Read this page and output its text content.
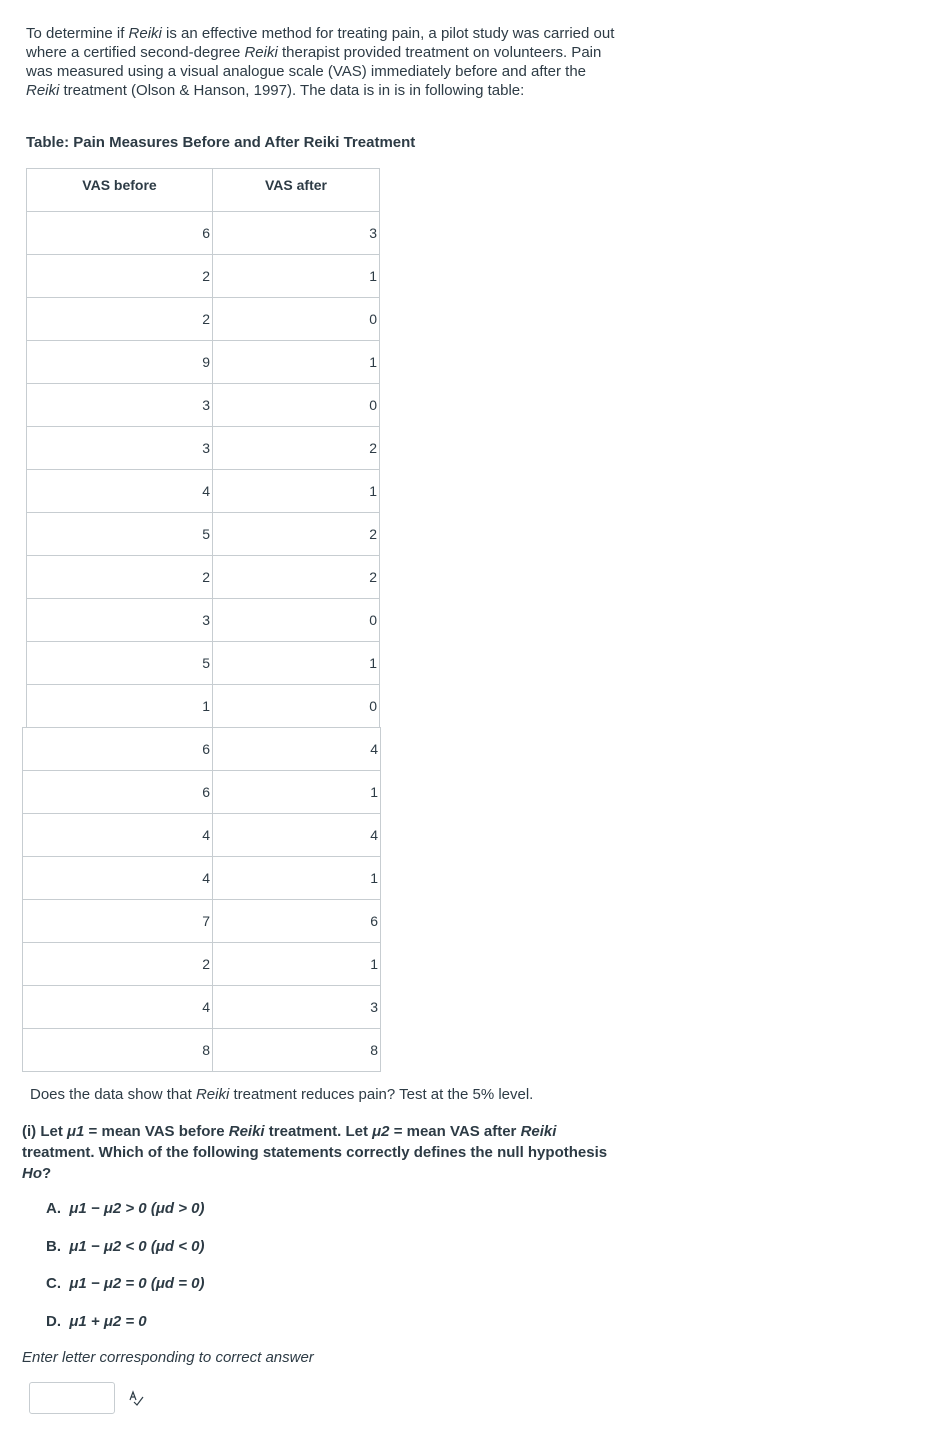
To determine if Reiki is an effective method for treating pain, a pilot study was carried out where a certified second-degree Reiki therapist provided treatment on volunteers. Pain was measured using a visual analogue scale (VAS) immediately before and after the Reiki treatment (Olson & Hanson, 1997). The data is in is in following table:

Table: Pain Measures Before and After Reiki Treatment
VAS before	VAS after
6	3
2	1
2	0
9	1
3	0
3	2
4	1
5	2
2	2
3	0
5	1
1	0
6	4
6	1
4	4
4	1
7	6
2	1
4	3
8	8
Does the data show that Reiki treatment reduces pain? Test at the 5% level.
(i) Let μ1 = mean VAS before Reiki treatment. Let μ2 = mean VAS after Reiki treatment. Which of the following statements correctly defines the null hypothesis Ho?
A. μ1 − μ2 > 0 (μd > 0)
B. μ1 − μ2 < 0 (μd < 0)
C. μ1 − μ2 = 0 (μd = 0)
D. μ1 + μ2 = 0
Enter letter corresponding to correct answer
